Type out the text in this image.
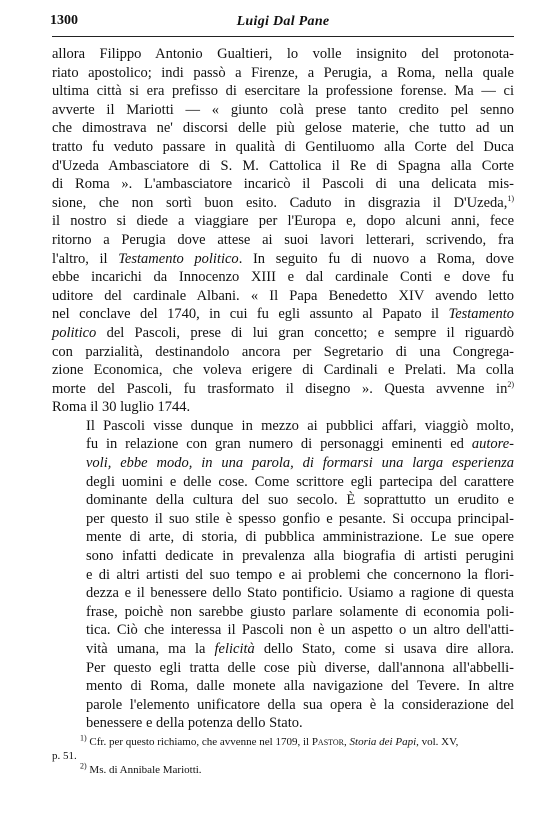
1300	Luigi Dal Pane

allora Filippo Antonio Gualtieri, lo volle insignito del protonota-
riato apostolico; indi passò a Firenze, a Perugia, a Roma, nella quale
ultima città si era prefisso di esercitare la professione forense. Ma — ci
avverte il Mariotti — « giunto colà prese tanto credito pel senno
che dimostrava ne' discorsi delle più gelose materie, che tutto ad un
tratto fu veduto passare in qualità di Gentiluomo alla Corte del Duca
d'Uzeda Ambasciatore di S. M. Cattolica il Re di Spagna alla Corte
di Roma ». L'ambasciatore incaricò il Pascoli di una delicata mis-
sione, che non sortì buon esito. Caduto in disgrazia il D'Uzeda,$^{1)}$
il nostro si diede a viaggiare per l'Europa e, dopo alcuni anni, fece
ritorno a Perugia dove attese ai suoi lavori letterari, scrivendo, fra
l'altro, il Testamento politico. In seguito fu di nuovo a Roma, dove
ebbe incarichi da Innocenzo XIII e dal cardinale Conti e dove fu
uditore del cardinale Albani. « Il Papa Benedetto XIV avendo letto
nel conclave del 1740, in cui fu egli assunto al Papato il Testamento
politico del Pascoli, prese di lui gran concetto; e sempre il riguardò
con parzialità, destinandolo ancora per Segretario di una Congrega-
zione Economica, che voleva erigere di Cardinali e Prelati. Ma colla
morte del Pascoli, fu trasformato il disegno ». Questa avvenne $in^{2)}$
Roma il 30 luglio 1744.

Il Pascoli visse dunque in mezzo ai pubblici affari, viaggiò molto,
fu in relazione con gran numero di personaggi eminenti ed autore-
voli, ebbe modo, in una parola, di formarsi una larga esperienza
degli uomini e delle cose. Come scrittore egli partecipa del carattere
dominante della cultura del suo secolo. È soprattutto un erudito e
per questo il suo stile è spesso gonfio e pesante. Si occupa principal-
mente di arte, di storia, di pubblica amministrazione. Le sue opere
sono infatti dedicate in prevalenza alla biografia di artisti perugini
e di altri artisti del suo tempo e ai problemi che concernono la flori-
dezza e il benessere dello Stato pontificio. Usiamo a ragione di questa
frase, poichè non sarebbe giusto parlare solamente di economia poli-
tica. Ciò che interessa il Pascoli non è un aspetto o un altro dell'atti-
vità umana, ma la felicità dello Stato, come si usava dire allora.
Per questo egli tratta delle cose più diverse, dall'annona all'abbelli-
mento di Roma, dalle monete alla navigazione del Tevere. In altre
parole l'elemento unificatore della sua opera è la considerazione del
benessere e della potenza dello Stato.

$^{1)}$ Cfr. per questo richiamo, che avvenne nel 1709, il Pastor, Storia dei Papi, vol. XV,

p. 51.

$^{2)}$ Ms. di Annibale Mariotti.
